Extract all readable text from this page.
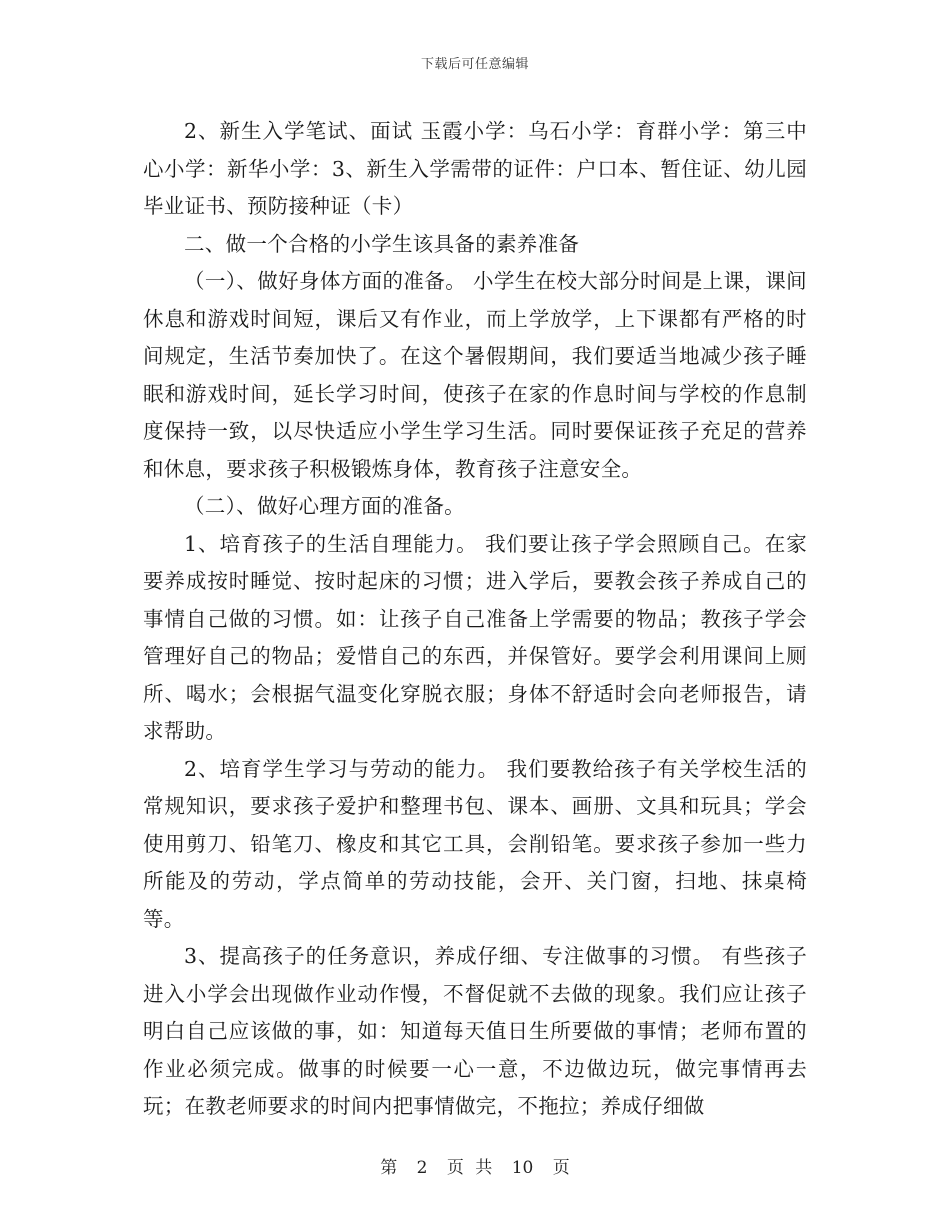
下载后可任意编辑

2、新生入学笔试、面试 玉霞小学：乌石小学：育群小学：第三中心小学：新华小学：3、新生入学需带的证件：户口本、暂住证、幼儿园毕业证书、预防接种证（卡）

二、做一个合格的小学生该具备的素养准备

（一）、做好身体方面的准备。 小学生在校大部分时间是上课，课间休息和游戏时间短，课后又有作业，而上学放学，上下课都有严格的时间规定，生活节奏加快了。在这个暑假期间，我们要适当地减少孩子睡眠和游戏时间，延长学习时间，使孩子在家的作息时间与学校的作息制度保持一致，以尽快适应小学生学习生活。同时要保证孩子充足的营养和休息，要求孩子积极锻炼身体，教育孩子注意安全。

（二）、做好心理方面的准备。

1、培育孩子的生活自理能力。 我们要让孩子学会照顾自己。在家要养成按时睡觉、按时起床的习惯；进入学后，要教会孩子养成自己的事情自己做的习惯。如：让孩子自己准备上学需要的物品；教孩子学会管理好自己的物品；爱惜自己的东西，并保管好。要学会利用课间上厕所、喝水；会根据气温变化穿脱衣服；身体不舒适时会向老师报告，请求帮助。

2、培育学生学习与劳动的能力。 我们要教给孩子有关学校生活的常规知识，要求孩子爱护和整理书包、课本、画册、文具和玩具；学会使用剪刀、铅笔刀、橡皮和其它工具，会削铅笔。要求孩子参加一些力所能及的劳动，学点简单的劳动技能，会开、关门窗，扫地、抹桌椅等。

3、提高孩子的任务意识，养成仔细、专注做事的习惯。 有些孩子进入小学会出现做作业动作慢，不督促就不去做的现象。我们应让孩子明白自己应该做的事，如：知道每天值日生所要做的事情；老师布置的作业必须完成。做事的时候要一心一意，不边做边玩，做完事情再去玩；在教老师要求的时间内把事情做完，不拖拉；养成仔细做

第 2 页 共 10 页
